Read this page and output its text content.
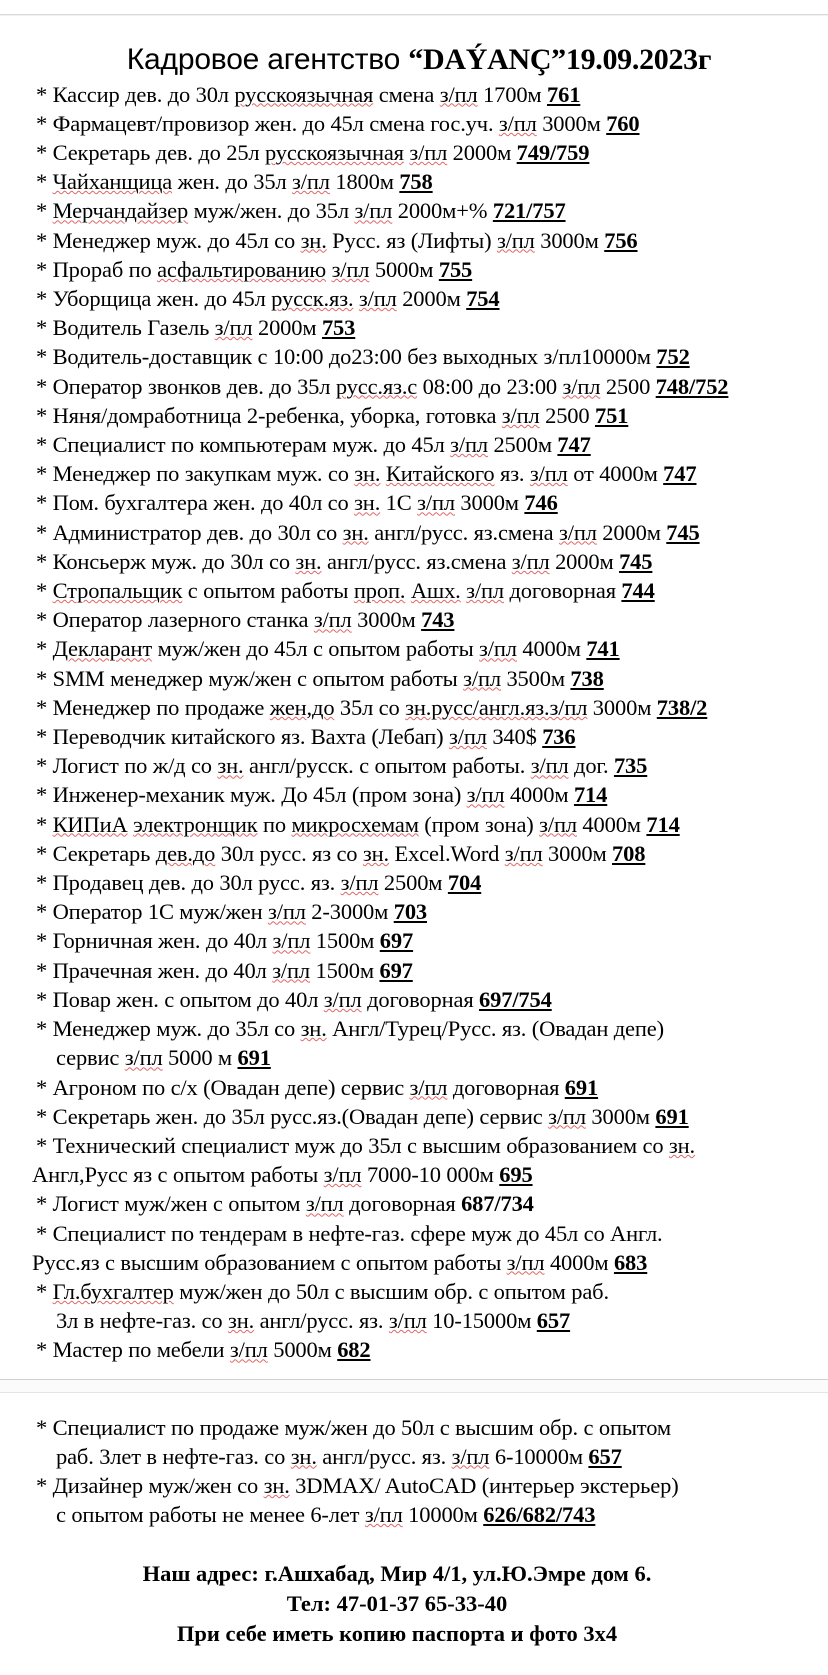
Кадровое агентство “DAÝANÇ”19.09.2023г
* Кассир дев. до 30л русскоязычная смена з/пл 1700м 761
* Фармацевт/провизор жен. до 45л смена гос.уч. з/пл 3000м 760
* Секретарь дев. до 25л русскоязычная з/пл 2000м 749/759
* Чайханщица жен. до 35л з/пл 1800м 758
* Мерчандайзер муж/жен. до 35л з/пл 2000м+% 721/757
* Менеджер муж. до 45л со зн. Русс. яз (Лифты) з/пл 3000м 756
* Прораб по асфальтированию з/пл 5000м 755
* Уборщица жен. до 45л русск.яз. з/пл 2000м 754
* Водитель Газель з/пл 2000м 753
* Водитель-доставщик с 10:00 до23:00 без выходных з/пл10000м 752
* Оператор звонков дев. до 35л русс.яз.с 08:00 до 23:00 з/пл 2500 748/752
* Няня/домработница 2-ребенка, уборка, готовка з/пл 2500 751
* Специалист по компьютерам муж. до 45л з/пл 2500м 747
* Менеджер по закупкам муж. со зн. Китайского яз. з/пл от 4000м 747
* Пом. бухгалтера жен. до 40л со зн. 1С з/пл 3000м 746
* Администратор дев. до 30л со зн. англ/русс. яз.смена з/пл 2000м 745
* Консьерж муж. до 30л со зн. англ/русс. яз.смена з/пл 2000м 745
* Стропальщик с опытом работы проп. Ашх. з/пл договорная 744
* Оператор лазерного станка з/пл 3000м 743
* Декларант муж/жен до 45л с опытом работы з/пл 4000м 741
* SMM менеджер муж/жен с опытом работы з/пл 3500м 738
* Менеджер по продаже жен,до 35л со зн.русс/англ.яз.з/пл 3000м 738/2
* Переводчик китайского яз. Вахта (Лебап) з/пл 340$ 736
* Логист по ж/д со зн. англ/русск. с опытом работы. з/пл дог. 735
* Инженер-механик муж. До 45л (пром зона) з/пл 4000м 714
* КИПиА электронщик по микросхемам (пром зона) з/пл 4000м 714
* Секретарь дев.до 30л русс. яз со зн. Excel.Word з/пл 3000м 708
* Продавец дев. до 30л русс. яз. з/пл 2500м 704
* Оператор 1С муж/жен з/пл 2-3000м 703
* Горничная жен. до 40л з/пл 1500м 697
* Прачечная жен. до 40л з/пл 1500м 697
* Повар жен. с опытом до 40л з/пл договорная 697/754
* Менеджер муж. до 35л со зн. Англ/Турец/Русс. яз. (Овадан депе)
сервис з/пл 5000 м 691
* Агроном по с/х (Овадан депе) сервис з/пл договорная 691
* Секретарь жен. до 35л русс.яз.(Овадан депе) сервис з/пл 3000м 691
* Технический специалист муж до 35л с высшим образованием со зн.
Англ,Русс яз с опытом работы з/пл 7000-10 000м 695
* Логист муж/жен с опытом з/пл договорная 687/734
* Специалист по тендерам в нефте-газ. сфере муж до 45л со Англ.
Русс.яз с высшим образованием с опытом работы з/пл 4000м 683
* Гл.бухгалтер муж/жен до 50л с высшим обр. с опытом раб.
3л в нефте-газ. со зн. англ/русс. яз. з/пл 10-15000м 657
* Мастер по мебели з/пл 5000м 682
* Специалист по продаже муж/жен до 50л с высшим обр. с опытом
раб. 3лет в нефте-газ. со зн. англ/русс. яз. з/пл 6-10000м 657
* Дизайнер муж/жен со зн. 3DMAX/ AutoCAD (интерьер экстерьер)
с опытом работы не менее 6-лет з/пл 10000м 626/682/743
Наш адрес: г.Ашхабад, Мир 4/1, ул.Ю.Эмре дом 6.
Тел: 47-01-37 65-33-40
При себе иметь копию паспорта и фото 3x4
